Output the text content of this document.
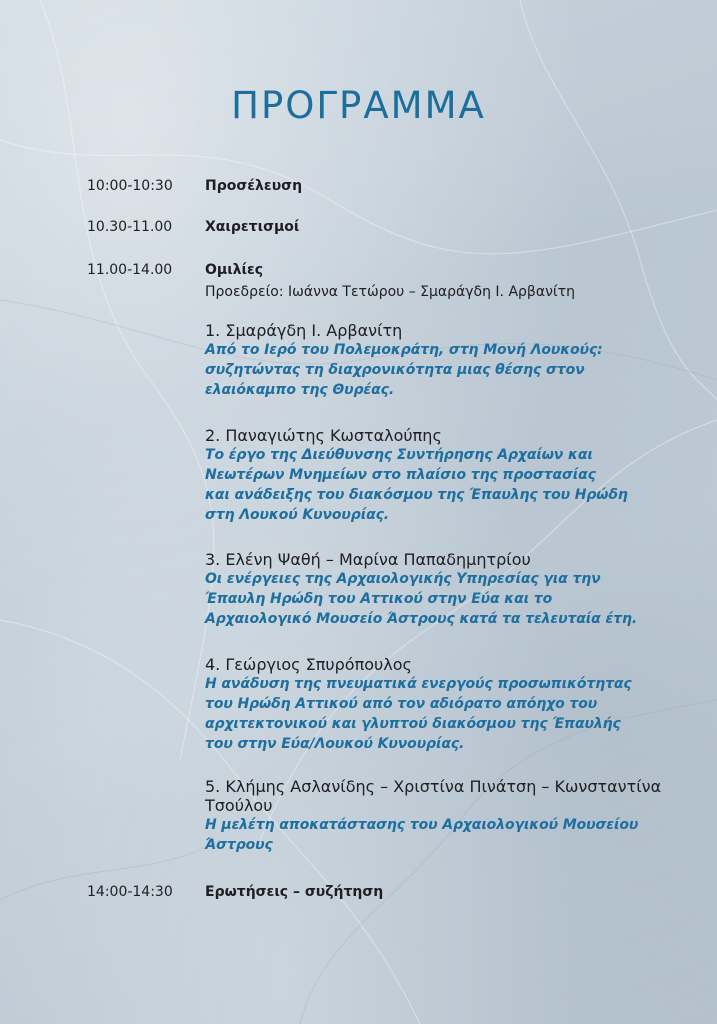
ΠΡΟΓΡΑΜΜΑ
10:00-10:30 Προσέλευση
10.30-11.00 Χαιρετισμοί
11.00-14.00 Ομιλίες
Προεδρείο: Ιωάννα Τετώρου – Σμαράγδη Ι. Αρβανίτη
1. Σμαράγδη Ι. Αρβανίτη
Από το Ιερό του Πολεμοκράτη, στη Μονή Λουκούς:
συζητώντας τη διαχρονικότητα μιας θέσης στον
ελαιόκαμπο της Θυρέας.
2. Παναγιώτης Κωσταλούπης
Το έργο της Διεύθυνσης Συντήρησης Αρχαίων και
Νεωτέρων Μνημείων στο πλαίσιο της προστασίας
και ανάδειξης του διακόσμου της Έπαυλης του Ηρώδη
στη Λουκού Κυνουρίας.
3. Ελένη Ψαθή – Μαρίνα Παπαδημητρίου
Οι ενέργειες της Αρχαιολογικής Υπηρεσίας για την
Έπαυλη Ηρώδη του Αττικού στην Εύα και το
Αρχαιολογικό Μουσείο Άστρους κατά τα τελευταία έτη.
4. Γεώργιος Σπυρόπουλος
Η ανάδυση της πνευματικά ενεργούς προσωπικότητας
του Ηρώδη Αττικού από τον αδιόρατο απόηχο του
αρχιτεκτονικού και γλυπτού διακόσμου της Έπαυλής
του στην Εύα/Λουκού Κυνουρίας.
5. Κλήμης Ασλανίδης – Χριστίνα Πινάτση – Κωνσταντίνα
Τσούλου
Η μελέτη αποκατάστασης του Αρχαιολογικού Μουσείου
Άστρους
14:00-14:30 Ερωτήσεις – συζήτηση
